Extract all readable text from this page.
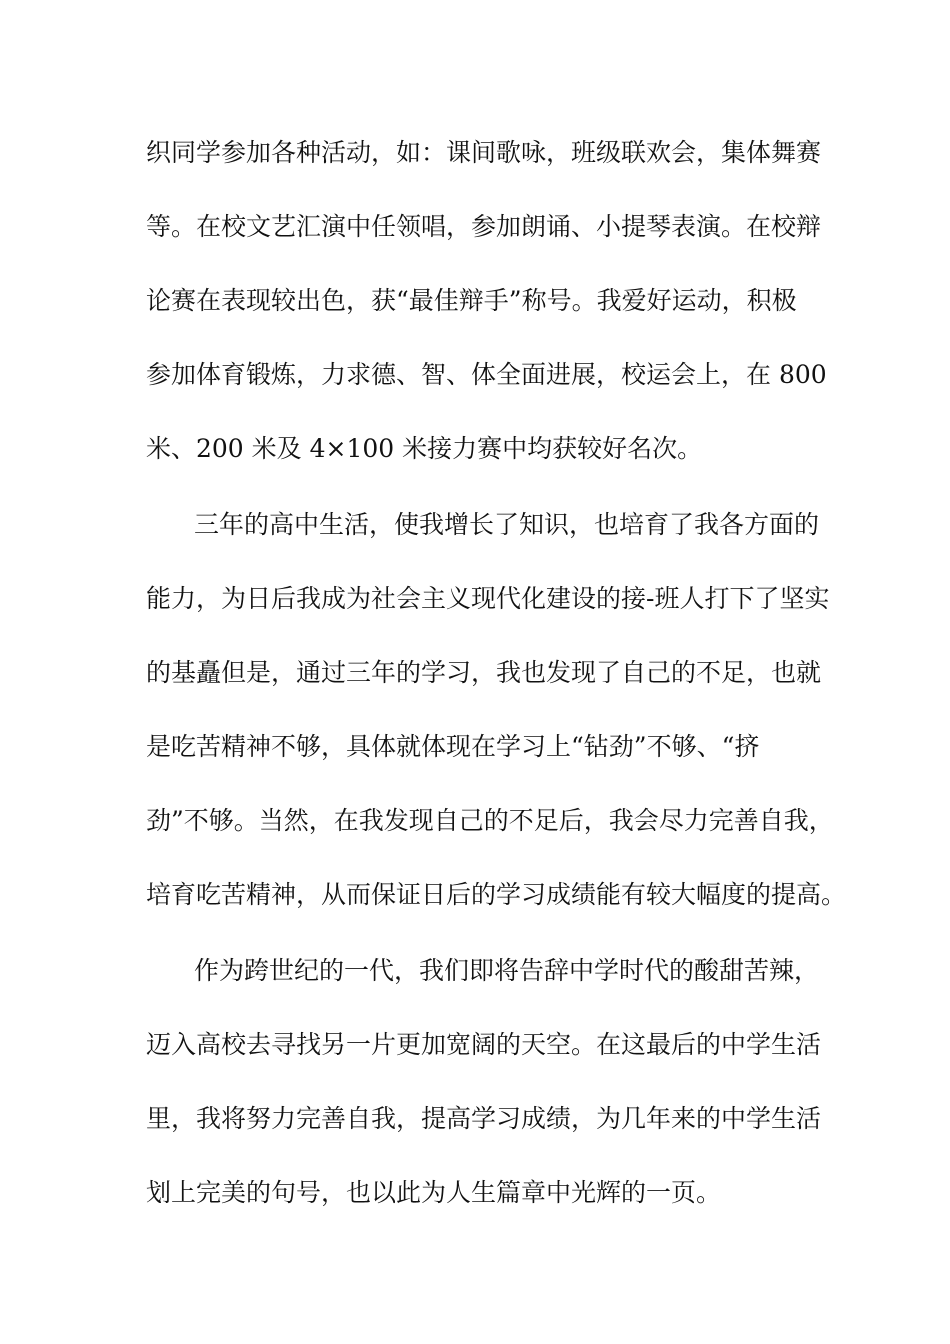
织同学参加各种活动，如：课间歌咏，班级联欢会，集体舞赛
等。在校文艺汇演中任领唱，参加朗诵、小提琴表演。在校辩
论赛在表现较出色，获“最佳辩手”称号。我爱好运动，积极
参加体育锻炼，力求德、智、体全面进展，校运会上，在 800
米、200 米及 4×100 米接力赛中均获较好名次。
三年的高中生活，使我增长了知识，也培育了我各方面的
能力，为日后我成为社会主义现代化建设的接-班人打下了坚实
的基矗但是，通过三年的学习，我也发现了自己的不足，也就
是吃苦精神不够，具体就体现在学习上“钻劲”不够、“挤
劲”不够。当然，在我发现自己的不足后，我会尽力完善自我，
培育吃苦精神，从而保证日后的学习成绩能有较大幅度的提高。
作为跨世纪的一代，我们即将告辞中学时代的酸甜苦辣，
迈入高校去寻找另一片更加宽阔的天空。在这最后的中学生活
里，我将努力完善自我，提高学习成绩，为几年来的中学生活
划上完美的句号，也以此为人生篇章中光辉的一页。
